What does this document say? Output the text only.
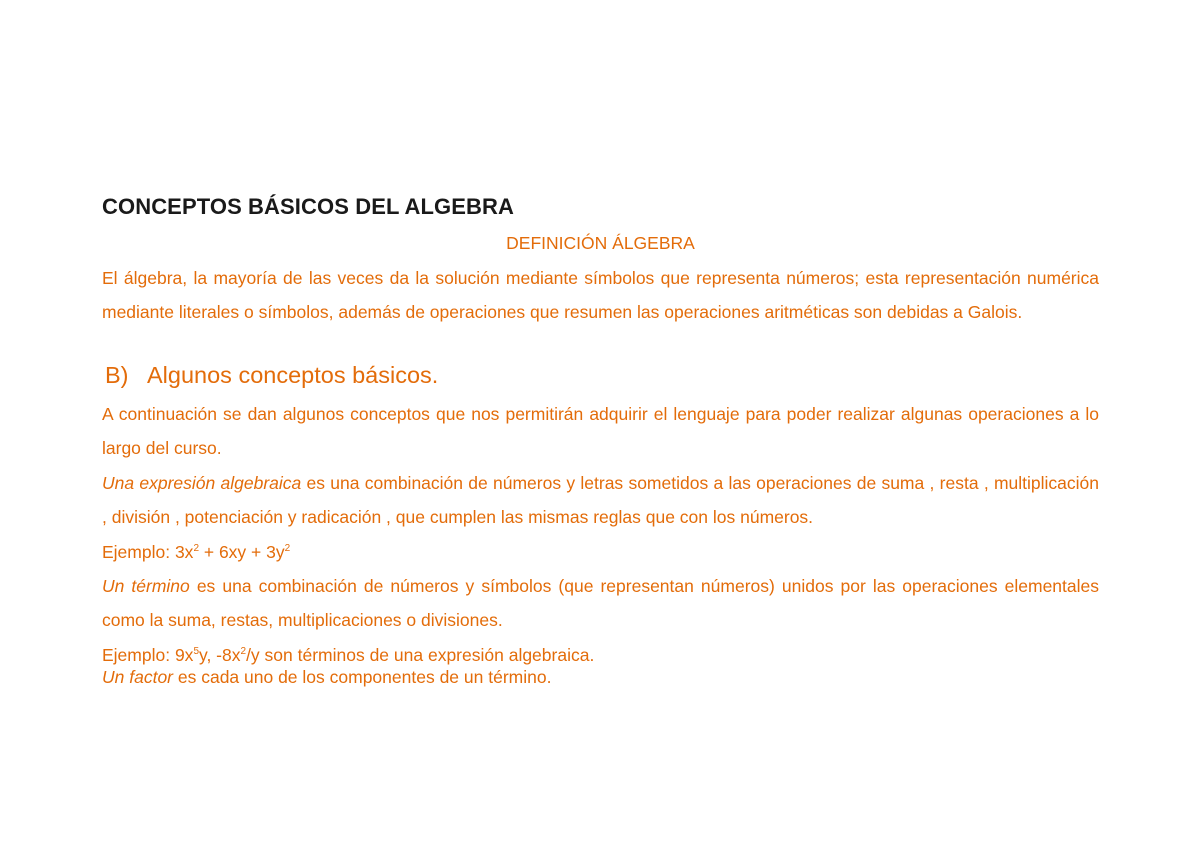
CONCEPTOS BÁSICOS DEL ALGEBRA
DEFINICIÓN ÁLGEBRA
El álgebra, la mayoría de las veces da la solución mediante símbolos que representa números; esta representación numérica mediante literales o símbolos, además de operaciones que resumen las operaciones aritméticas son debidas a Galois.
B) Algunos conceptos básicos.
A continuación se dan algunos conceptos que nos permitirán adquirir el lenguaje para poder realizar algunas operaciones a lo largo del curso.
Una expresión algebraica es una combinación de números y letras sometidos a las operaciones de suma , resta , multiplicación , división , potenciación y radicación , que cumplen las mismas reglas que con los números.
Ejemplo: $3x^2 + 6xy + 3y^2$
Un término es una combinación de números y símbolos (que representan números) unidos por las operaciones elementales como la suma, restas, multiplicaciones o divisiones.
Ejemplo: $9x^5y$, $-8x^2/y$ son términos de una expresión algebraica.
Un factor es cada uno de los componentes de un término.
